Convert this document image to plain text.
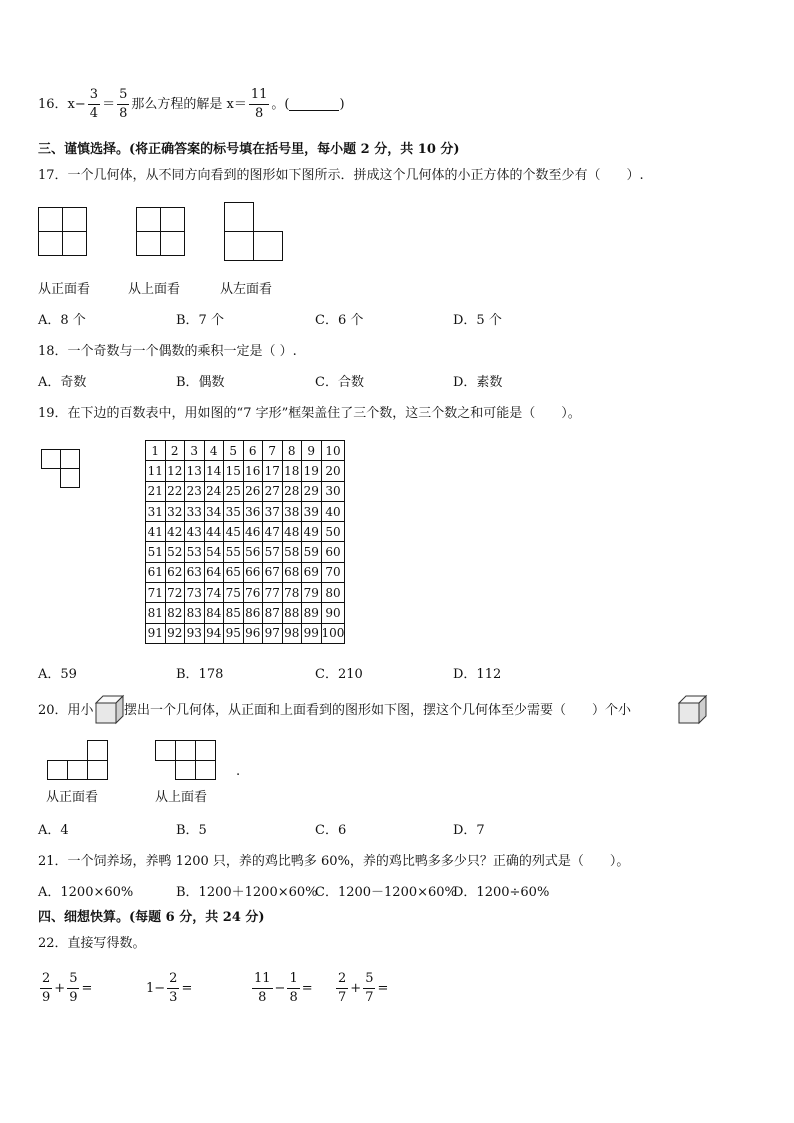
16．$x- \frac{3}{4} = \frac{5}{8}$ 那么方程的解是 $x= \frac{11}{8}$ 。(	)
三、谨慎选择。(将正确答案的标号填在括号里，每小题 2 分，共 10 分)
17．一个几何体，从不同方向看到的图形如下图所示．拼成这个几何体的小正方体的个数至少有（　　）.
从正面看	从上面看	从左面看
A．8 个	B．7 个	C．6 个	D．5 个
18．一个奇数与一个偶数的乘积一定是（ ）.
A．奇数	B．偶数	C．合数	D．素数
19．在下边的百数表中，用如图的“7 字形”框架盖住了三个数，这三个数之和可能是（　　）。
1	2	3	4	5	6	7	8	9	10
11	12	13	14	15	16	17	18	19	20
21	22	23	24	25	26	27	28	29	30
31	32	33	34	35	36	37	38	39	40
41	42	43	44	45	46	47	48	49	50
51	52	53	54	55	56	57	58	59	60
61	62	63	64	65	66	67	68	69	70
71	72	73	74	75	76	77	78	79	80
81	82	83	84	85	86	87	88	89	90
91	92	93	94	95	96	97	98	99	100
A．59	B．178	C．210	D．112
20．用小 摆出一个几何体，从正面和上面看到的图形如下图，摆这个几何体至少需要（　　）个小
.
从正面看	从上面看
A．4	B．5	C．6	D．7
21．一个饲养场，养鸭 1200 只，养的鸡比鸭多 60%，养的鸡比鸭多多少只？正确的列式是（　　）。
A．1200×60%	B．1200＋1200×60%
C．1200－1200×60%
D．1200÷60%
四、细想快算。(每题 6 分，共 24 分)
22．直接写得数。
$\frac{2}{9} + \frac{5}{9}$ =	$1- \frac{2}{3}$ =	$\frac{11}{8} - \frac{1}{8} = \frac{2}{7} + \frac{5}{7}$ =
